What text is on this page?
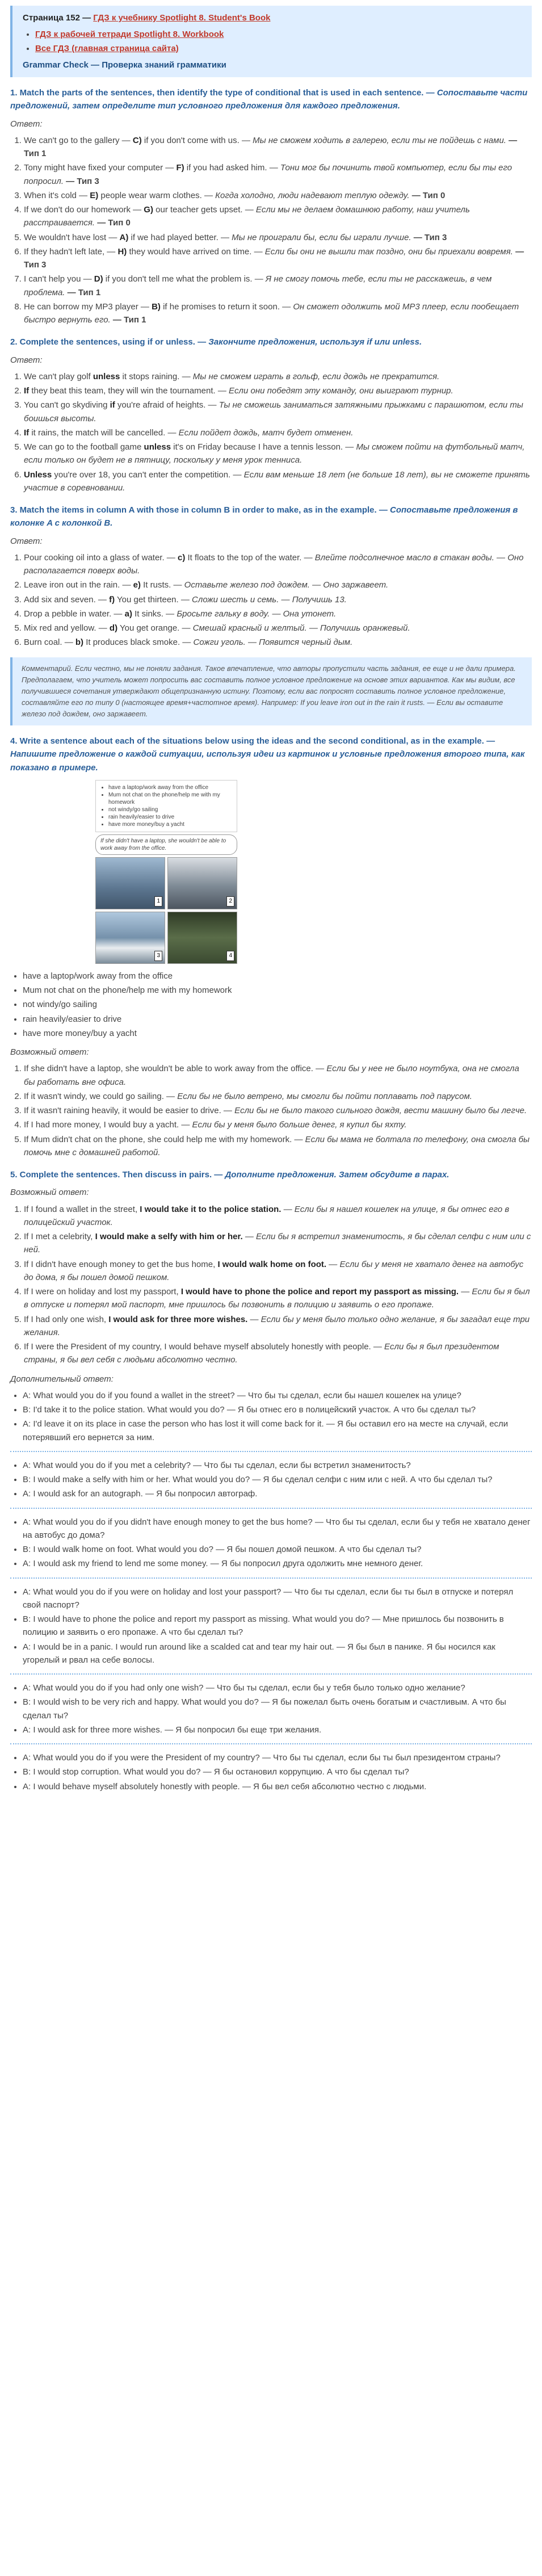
Страница 152 — ГДЗ к учебнику Spotlight 8. Student's Book
• ГДЗ к рабочей тетради Spotlight 8. Workbook
• Все ГДЗ (главная страница сайта)
Grammar Check — Проверка знаний грамматики
1. Match the parts of the sentences, then identify the type of conditional that is used in each sentence. — Сопоставьте части предложений, затем определите тип условного предложения для каждого предложения.
Ответ:
1. We can't go to the gallery — C) if you don't come with us. — Мы не сможем ходить в галерею, если ты не пойдешь с нами. — Тип 1
2. Tony might have fixed your computer — F) if you had asked him. — Тони мог бы починить твой компьютер, если бы ты его попросил. — Тип 3
3. When it's cold — E) people wear warm clothes. — Когда холодно, люди надевают теплую одежду. — Тип 0
4. If we don't do our homework — G) our teacher gets upset. — Если мы не делаем домашнюю работу, наш учитель расстраивается. — Тип 0
5. We wouldn't have lost — A) if we had played better. — Мы не проиграли бы, если бы играли лучше. — Тип 3
6. If they hadn't left late, — H) they would have arrived on time. — Если бы они не вышли так поздно, они бы приехали вовремя. — Тип 3
7. I can't help you — D) if you don't tell me what the problem is. — Я не смогу помочь тебе, если ты не расскажешь, в чем проблема. — Тип 1
8. He can borrow my MP3 player — B) if he promises to return it soon. — Он сможет одолжить мой MP3 плеер, если пообещает быстро вернуть его. — Тип 1
2. Complete the sentences, using if or unless. — Закончите предложения, используя if или unless.
Ответ:
1. We can't play golf unless it stops raining. — Мы не сможем играть в гольф, если дождь не прекратится.
2. If they beat this team, they will win the tournament. — Если они победят эту команду, они выиграют турнир.
3. You can't go skydiving if you're afraid of heights. — Ты не сможешь заниматься затяжными прыжками с парашютом, если ты боишься высоты.
4. If it rains, the match will be cancelled. — Если пойдет дождь, матч будет отменен.
5. We can go to the football game unless it's on Friday because I have a tennis lesson. — Мы сможем пойти на футбольный матч, если только он будет не в пятницу, поскольку у меня урок тенниса.
6. Unless you're over 18, you can't enter the competition. — Если вам меньше 18 лет (не больше 18 лет), вы не сможете принять участие в соревновании.
3. Match the items in column A with those in column B in order to make, as in the example. — Сопоставьте предложения в колонке A с колонкой B.
Ответ:
1. Pour cooking oil into a glass of water. — c) It floats to the top of the water. — Влейте подсолнечное масло в стакан воды. — Оно располагается поверх воды.
2. Leave iron out in the rain. — e) It rusts. — Оставьте железо под дождем. — Оно заржавеет.
3. Add six and seven. — f) You get thirteen. — Сложи шесть и семь. — Получишь 13.
4. Drop a pebble in water. — a) It sinks. — Бросьте гальку в воду. — Она утонет.
5. Mix red and yellow. — d) You get orange. — Смешай красный и желтый. — Получишь оранжевый.
6. Burn coal. — b) It produces black smoke. — Сожги уголь. — Появится черный дым.
Комментарий. Если честно, мы не поняли задания. Такое впечатление, что авторы пропустили часть задания, ее еще и не дали примера. Предполагаем, что учитель может попросить вас составить полное условное предложение на основе этих вариантов. Как мы видим, все получившиеся сочетания утверждают общепризнанную истину. Поэтому, если вас попросят составить полное условное предложение, составляйте его по типу 0 (настоящее время+частотное время). Например: If you leave iron out in the rain it rusts. — Если вы оставите железо под дождем, оно заржавеет.
4. Write a sentence about each of the situations below using the ideas and the second conditional, as in the example. — Напишите предложение о каждой ситуации, используя идеи из картинок и условные предложения второго типа, как показано в примере.
• have a laptop/work away from the office
• Mum not chat on the phone/help me with my homework
• not windy/go sailing
• rain heavily/easier to drive
• have more money/buy a yacht
If she didn't have a laptop, she wouldn't be able to work away from the office.
1	2
3	4
• have a laptop/work away from the office
• Mum not chat on the phone/help me with my homework
• not windy/go sailing
• rain heavily/easier to drive
• have more money/buy a yacht
Возможный ответ:
1. If she didn't have a laptop, she wouldn't be able to work away from the office. — Если бы у нее не было ноутбука, она не смогла бы работать вне офиса.
2. If it wasn't windy, we could go sailing. — Если бы не было ветрено, мы смогли бы пойти поплавать под парусом.
3. If it wasn't raining heavily, it would be easier to drive. — Если бы не было такого сильного дождя, вести машину было бы легче.
4. If I had more money, I would buy a yacht. — Если бы у меня было больше денег, я купил бы яхту.
5. If Mum didn't chat on the phone, she could help me with my homework. — Если бы мама не болтала по телефону, она смогла бы помочь мне с домашней работой.
5. Complete the sentences. Then discuss in pairs. — Дополните предложения. Затем обсудите в парах.
Возможный ответ:
1. If I found a wallet in the street, I would take it to the police station. — Если бы я нашел кошелек на улице, я бы отнес его в полицейский участок.
2. If I met a celebrity, I would make a selfy with him or her. — Если бы я встретил знаменитость, я бы сделал селфи с ним или с ней.
3. If I didn't have enough money to get the bus home, I would walk home on foot. — Если бы у меня не хватало денег на автобус до дома, я бы пошел домой пешком.
4. If I were on holiday and lost my passport, I would have to phone the police and report my passport as missing. — Если бы я был в отпуске и потерял мой паспорт, мне пришлось бы позвонить в полицию и заявить о его пропаже.
5. If I had only one wish, I would ask for three more wishes. — Если бы у меня было только одно желание, я бы загадал еще три желания.
6. If I were the President of my country, I would behave myself absolutely honestly with people. — Если бы я был президентом страны, я бы вел себя с людьми абсолютно честно.
Дополнительный ответ:
• A: What would you do if you found a wallet in the street? — Что бы ты сделал, если бы нашел кошелек на улице?
• B: I'd take it to the police station. What would you do? — Я бы отнес его в полицейский участок. А что бы сделал ты?
• A: I'd leave it on its place in case the person who has lost it will come back for it. — Я бы оставил его на месте на случай, если потерявший его вернется за ним.
• A: What would you do if you met a celebrity? — Что бы ты сделал, если бы встретил знаменитость?
• B: I would make a selfy with him or her. What would you do? — Я бы сделал селфи с ним или с ней. А что бы сделал ты?
• A: I would ask for an autograph. — Я бы попросил автограф.
• A: What would you do if you didn't have enough money to get the bus home? — Что бы ты сделал, если бы у тебя не хватало денег на автобус до дома?
• B: I would walk home on foot. What would you do? — Я бы пошел домой пешком. А что бы сделал ты?
• A: I would ask my friend to lend me some money. — Я бы попросил друга одолжить мне немного денег.
• A: What would you do if you were on holiday and lost your passport? — Что бы ты сделал, если бы ты был в отпуске и потерял свой паспорт?
• B: I would have to phone the police and report my passport as missing. What would you do? — Мне пришлось бы позвонить в полицию и заявить о его пропаже. А что бы сделал ты?
• A: I would be in a panic. I would run around like a scalded cat and tear my hair out. — Я бы был в панике. Я бы носился как угорелый и рвал на себе волосы.
• A: What would you do if you had only one wish? — Что бы ты сделал, если бы у тебя было только одно желание?
• B: I would wish to be very rich and happy. What would you do? — Я бы пожелал быть очень богатым и счастливым. А что бы сделал ты?
• A: I would ask for three more wishes. — Я бы попросил бы еще три желания.
• A: What would you do if you were the President of my country? — Что бы ты сделал, если бы ты был президентом страны?
• B: I would stop corruption. What would you do? — Я бы остановил коррупцию. А что бы сделал ты?
• A: I would behave myself absolutely honestly with people. — Я бы вел себя абсолютно честно с людьми.
